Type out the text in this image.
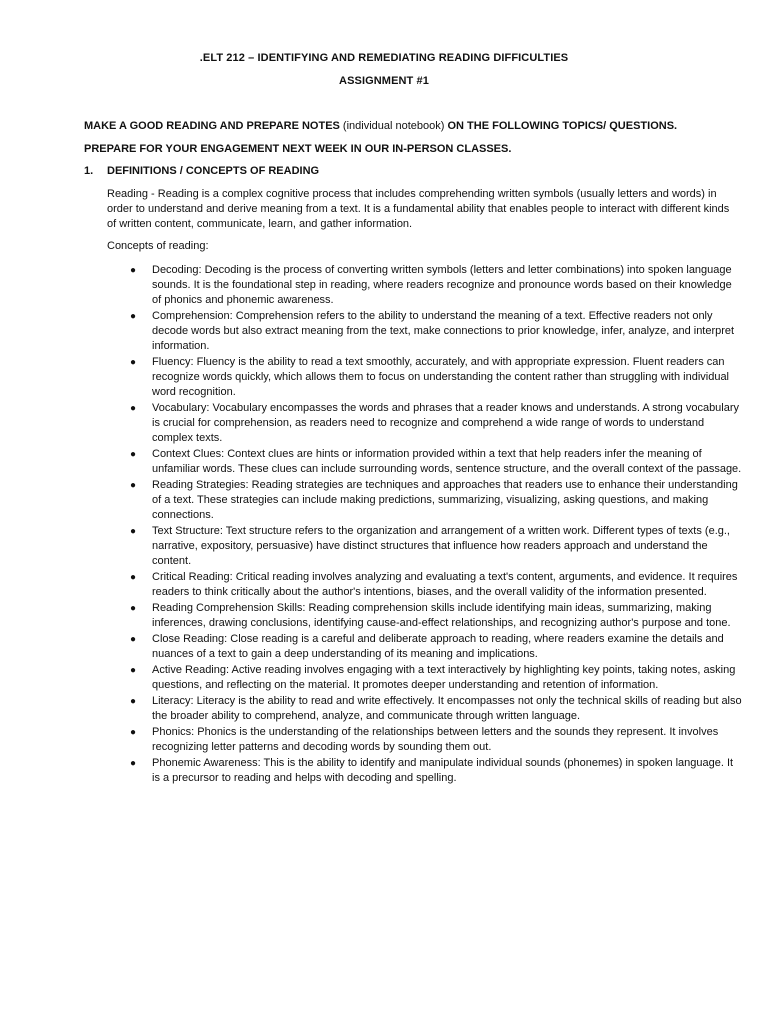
.ELT 212 – IDENTIFYING AND REMEDIATING READING DIFFICULTIES
ASSIGNMENT #1
MAKE A GOOD READING AND PREPARE NOTES (individual notebook) ON THE FOLLOWING TOPICS/ QUESTIONS.
PREPARE FOR YOUR ENGAGEMENT NEXT WEEK IN OUR IN-PERSON CLASSES.
1. DEFINITIONS / CONCEPTS OF READING
Reading - Reading is a complex cognitive process that includes comprehending written symbols (usually letters and words) in order to understand and derive meaning from a text. It is a fundamental ability that enables people to interact with different kinds of written content, communicate, learn, and gather information.
Concepts of reading:
● Decoding: Decoding is the process of converting written symbols (letters and letter combinations) into spoken language sounds. It is the foundational step in reading, where readers recognize and pronounce words based on their knowledge of phonics and phonemic awareness.
● Comprehension: Comprehension refers to the ability to understand the meaning of a text. Effective readers not only decode words but also extract meaning from the text, make connections to prior knowledge, infer, analyze, and interpret information.
● Fluency: Fluency is the ability to read a text smoothly, accurately, and with appropriate expression. Fluent readers can recognize words quickly, which allows them to focus on understanding the content rather than struggling with individual word recognition.
● Vocabulary: Vocabulary encompasses the words and phrases that a reader knows and understands. A strong vocabulary is crucial for comprehension, as readers need to recognize and comprehend a wide range of words to understand complex texts.
● Context Clues: Context clues are hints or information provided within a text that help readers infer the meaning of unfamiliar words. These clues can include surrounding words, sentence structure, and the overall context of the passage.
● Reading Strategies: Reading strategies are techniques and approaches that readers use to enhance their understanding of a text. These strategies can include making predictions, summarizing, visualizing, asking questions, and making connections.
● Text Structure: Text structure refers to the organization and arrangement of a written work. Different types of texts (e.g., narrative, expository, persuasive) have distinct structures that influence how readers approach and understand the content.
● Critical Reading: Critical reading involves analyzing and evaluating a text's content, arguments, and evidence. It requires readers to think critically about the author's intentions, biases, and the overall validity of the information presented.
● Reading Comprehension Skills: Reading comprehension skills include identifying main ideas, summarizing, making inferences, drawing conclusions, identifying cause-and-effect relationships, and recognizing author's purpose and tone.
● Close Reading: Close reading is a careful and deliberate approach to reading, where readers examine the details and nuances of a text to gain a deep understanding of its meaning and implications.
● Active Reading: Active reading involves engaging with a text interactively by highlighting key points, taking notes, asking questions, and reflecting on the material. It promotes deeper understanding and retention of information.
● Literacy: Literacy is the ability to read and write effectively. It encompasses not only the technical skills of reading but also the broader ability to comprehend, analyze, and communicate through written language.
● Phonics: Phonics is the understanding of the relationships between letters and the sounds they represent. It involves recognizing letter patterns and decoding words by sounding them out.
● Phonemic Awareness: This is the ability to identify and manipulate individual sounds (phonemes) in spoken language. It is a precursor to reading and helps with decoding and spelling.
